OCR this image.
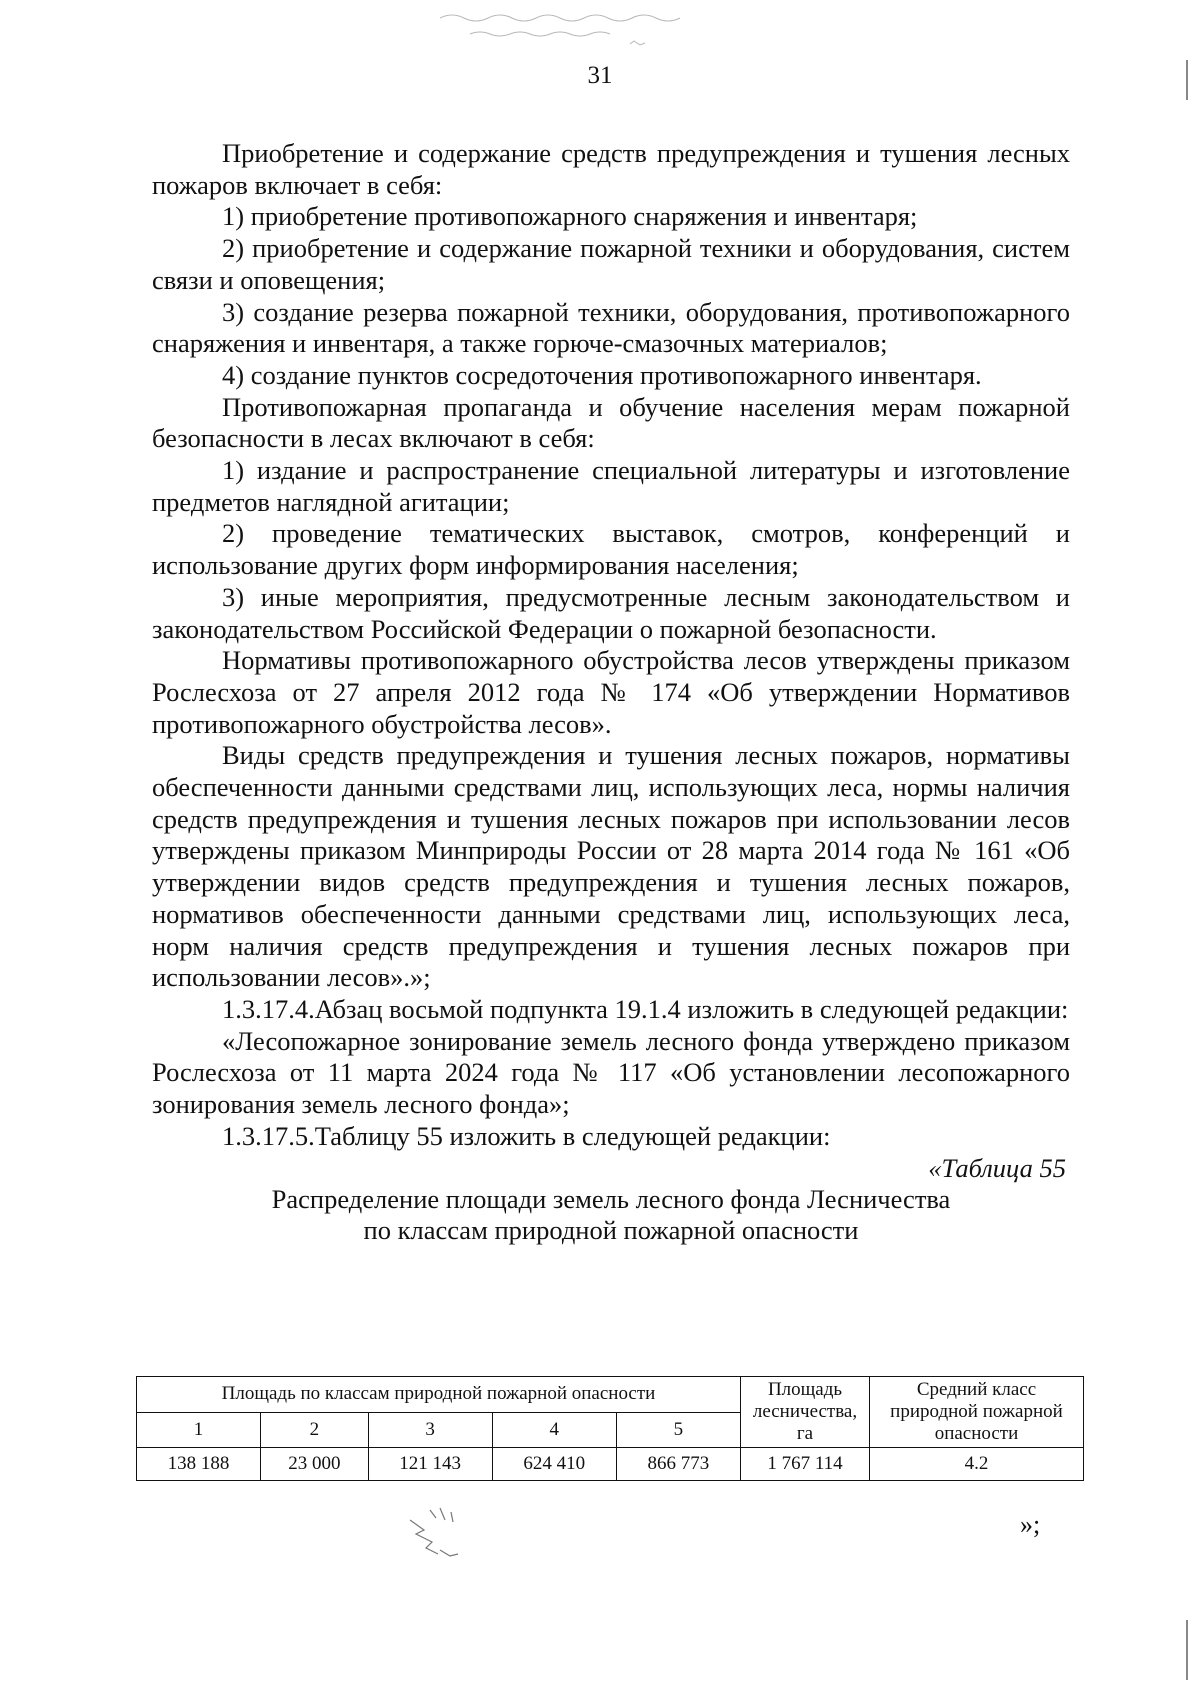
31

Приобретение и содержание средств предупреждения и тушения лесных пожаров включает в себя:

1) приобретение противопожарного снаряжения и инвентаря;

2) приобретение и содержание пожарной техники и оборудования, систем связи и оповещения;

3) создание резерва пожарной техники, оборудования, противопожарного снаряжения и инвентаря, а также горюче-смазочных материалов;

4) создание пунктов сосредоточения противопожарного инвентаря.

Противопожарная пропаганда и обучение населения мерам пожарной безопасности в лесах включают в себя:

1) издание и распространение специальной литературы и изготовление предметов наглядной агитации;

2) проведение тематических выставок, смотров, конференций и использование других форм информирования населения;

3) иные мероприятия, предусмотренные лесным законодательством и законодательством Российской Федерации о пожарной безопасности.

Нормативы противопожарного обустройства лесов утверждены приказом Рослесхоза от 27 апреля 2012 года № 174 «Об утверждении Нормативов противопожарного обустройства лесов».

Виды средств предупреждения и тушения лесных пожаров, нормативы обеспеченности данными средствами лиц, использующих леса, нормы наличия средств предупреждения и тушения лесных пожаров при использовании лесов утверждены приказом Минприроды России от 28 марта 2014 года № 161 «Об утверждении видов средств предупреждения и тушения лесных пожаров, нормативов обеспеченности данными средствами лиц, использующих леса, норм наличия средств предупреждения и тушения лесных пожаров при использовании лесов».»;

1.3.17.4.Абзац восьмой подпункта 19.1.4 изложить в следующей редакции:

«Лесопожарное зонирование земель лесного фонда утверждено приказом Рослесхоза от 11 марта 2024 года № 117 «Об установлении лесопожарного зонирования земель лесного фонда»;

1.3.17.5.Таблицу 55 изложить в следующей редакции:

«Таблица 55

Распределение площади земель лесного фонда Лесничества
по классам природной пожарной опасности
Площадь по классам природной пожарной опасности					Площадь лесничества, га	Средний класс природной пожарной опасности
1	2	3	4	5		
138 188	23 000	121 143	624 410	866 773	1 767 114	4.2
»;
